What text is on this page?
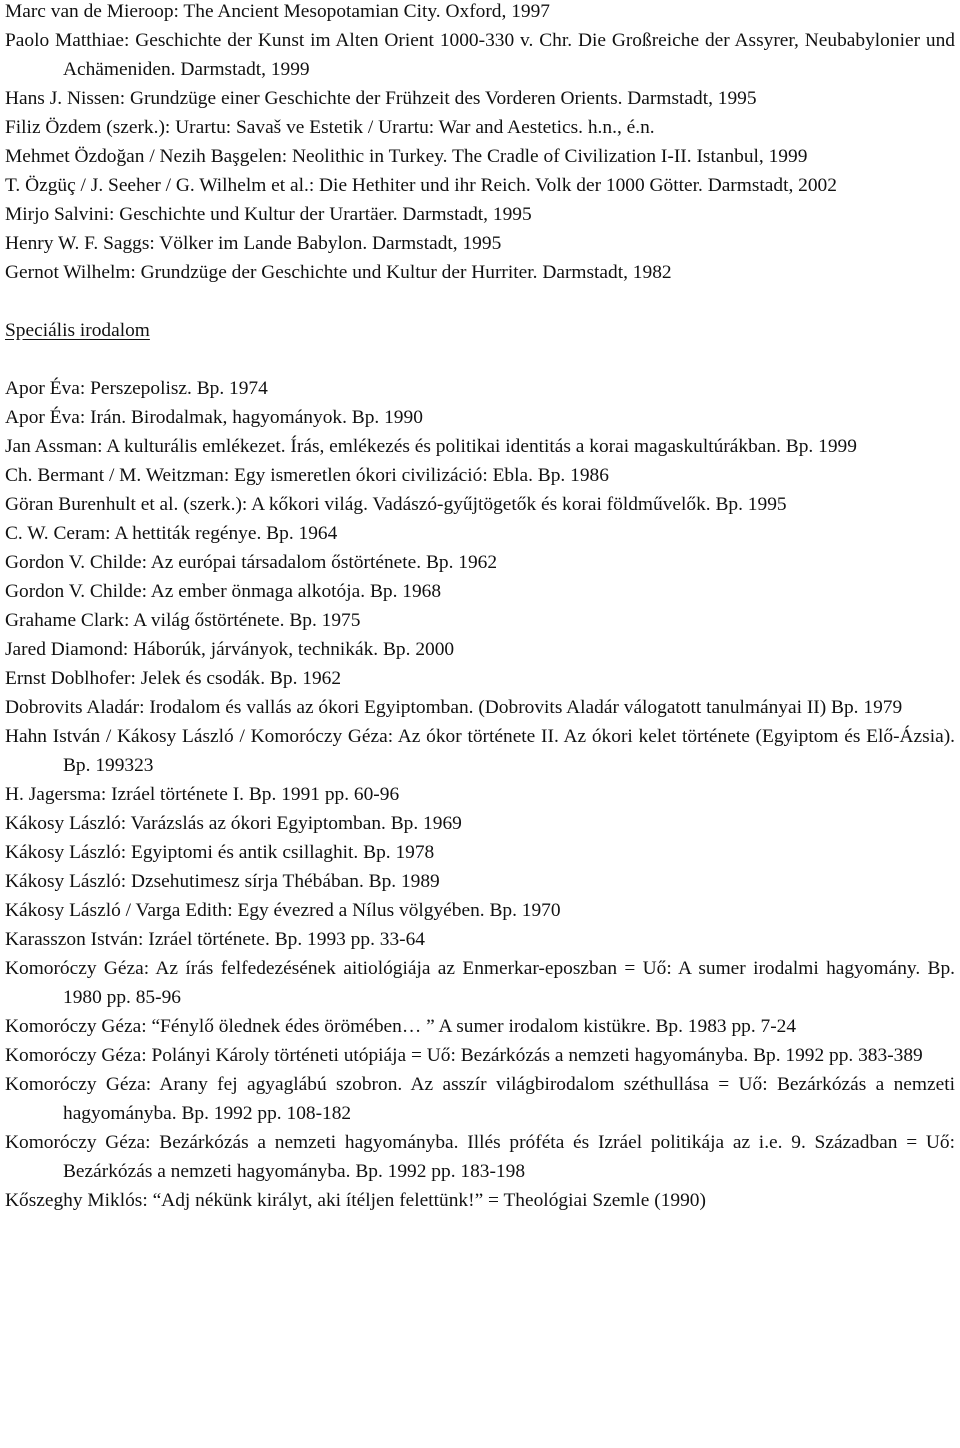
Marc van de Mieroop: The Ancient Mesopotamian City. Oxford, 1997

Paolo Matthiae: Geschichte der Kunst im Alten Orient 1000-330 v. Chr. Die Großreiche der Assyrer, Neubabylonier und Achämeniden. Darmstadt, 1999

Hans J. Nissen: Grundzüge einer Geschichte der Frühzeit des Vorderen Orients. Darmstadt, 1995

Filiz Özdem (szerk.): Urartu: Savaš ve Estetik / Urartu: War and Aestetics. h.n., é.n.

Mehmet Özdoğan / Nezih Başgelen: Neolithic in Turkey. The Cradle of Civilization I-II. Istanbul, 1999

T. Özgüç / J. Seeher / G. Wilhelm et al.: Die Hethiter und ihr Reich. Volk der 1000 Götter. Darmstadt, 2002

Mirjo Salvini: Geschichte und Kultur der Urartäer. Darmstadt, 1995

Henry W. F. Saggs: Völker im Lande Babylon. Darmstadt, 1995

Gernot Wilhelm: Grundzüge der Geschichte und Kultur der Hurriter. Darmstadt, 1982

Speciális irodalom

Apor Éva: Perszepolisz. Bp. 1974

Apor Éva: Irán. Birodalmak, hagyományok. Bp. 1990

Jan Assman: A kulturális emlékezet. Írás, emlékezés és politikai identitás a korai magaskultúrákban. Bp. 1999

Ch. Bermant / M. Weitzman: Egy ismeretlen ókori civilizáció: Ebla. Bp. 1986

Göran Burenhult et al. (szerk.): A kőkori világ. Vadászó-gyűjtögetők és korai földművelők. Bp. 1995

C. W. Ceram: A hettiták regénye. Bp. 1964

Gordon V. Childe: Az európai társadalom őstörténete. Bp. 1962

Gordon V. Childe: Az ember önmaga alkotója. Bp. 1968

Grahame Clark: A világ őstörténete. Bp. 1975

Jared Diamond: Háborúk, járványok, technikák. Bp. 2000

Ernst Doblhofer: Jelek és csodák. Bp. 1962

Dobrovits Aladár: Irodalom és vallás az ókori Egyiptomban. (Dobrovits Aladár válogatott tanulmányai II) Bp. 1979

Hahn István / Kákosy László / Komoróczy Géza: Az ókor története II. Az ókori kelet története (Egyiptom és Elő-Ázsia). Bp. 199323

H. Jagersma: Izráel története I. Bp. 1991 pp. 60-96

Kákosy László: Varázslás az ókori Egyiptomban. Bp. 1969

Kákosy László: Egyiptomi és antik csillaghit. Bp. 1978

Kákosy László: Dzsehutimesz sírja Thébában. Bp. 1989

Kákosy László / Varga Edith: Egy évezred a Nílus völgyében. Bp. 1970

Karasszon István: Izráel története. Bp. 1993 pp. 33-64

Komoróczy Géza: Az írás felfedezésének aitiológiája az Enmerkar-eposzban = Uő: A sumer irodalmi hagyomány. Bp. 1980 pp. 85-96

Komoróczy Géza: “Fénylő ölednek édes örömében… ” A sumer irodalom kistükre. Bp. 1983 pp. 7-24

Komoróczy Géza: Polányi Károly történeti utópiája = Uő: Bezárkózás a nemzeti hagyományba. Bp. 1992 pp. 383-389

Komoróczy Géza: Arany fej agyaglábú szobron. Az asszír világbirodalom széthullása = Uő: Bezárkózás a nemzeti hagyományba. Bp. 1992 pp. 108-182

Komoróczy Géza: Bezárkózás a nemzeti hagyományba. Illés próféta és Izráel politikája az i.e. 9. Században = Uő: Bezárkózás a nemzeti hagyományba. Bp. 1992 pp. 183-198

Kőszeghy Miklós: “Adj nékünk királyt, aki ítéljen felettünk!” = Theológiai Szemle (1990)
